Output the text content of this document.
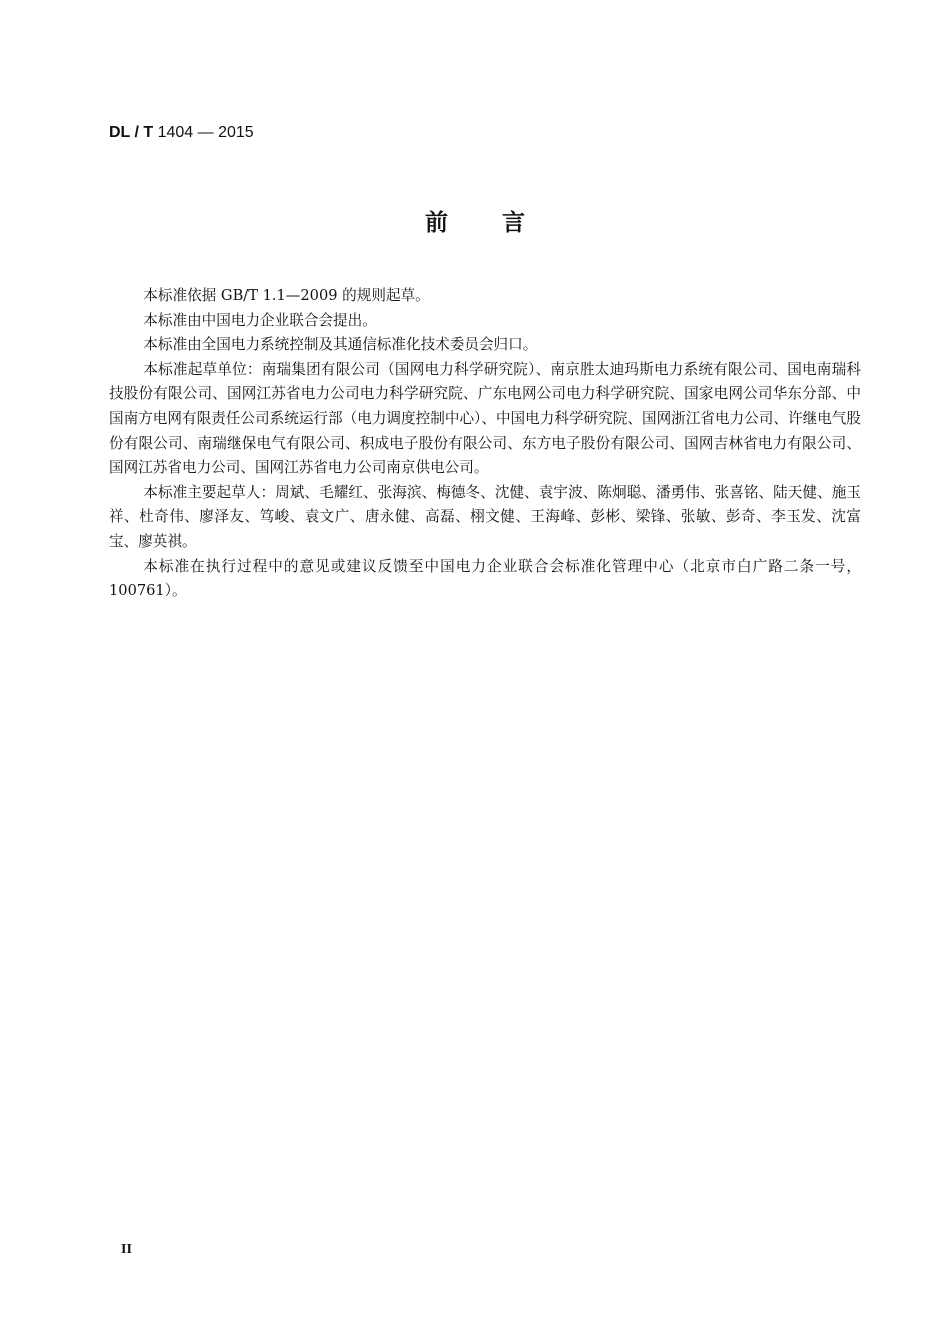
DL / T 1404 — 2015
前言

本标准依据 GB/T 1.1—2009 的规则起草。

本标准由中国电力企业联合会提出。

本标准由全国电力系统控制及其通信标准化技术委员会归口。

本标准起草单位：南瑞集团有限公司（国网电力科学研究院）、南京胜太迪玛斯电力系统有限公司、国电南瑞科技股份有限公司、国网江苏省电力公司电力科学研究院、广东电网公司电力科学研究院、国家电网公司华东分部、中国南方电网有限责任公司系统运行部（电力调度控制中心）、中国电力科学研究院、国网浙江省电力公司、许继电气股份有限公司、南瑞继保电气有限公司、积成电子股份有限公司、东方电子股份有限公司、国网吉林省电力有限公司、国网江苏省电力公司、国网江苏省电力公司南京供电公司。

本标准主要起草人：周斌、毛耀红、张海滨、梅德冬、沈健、袁宇波、陈炯聪、潘勇伟、张喜铭、陆天健、施玉祥、杜奇伟、廖泽友、笃峻、袁文广、唐永健、高磊、栩文健、王海峰、彭彬、梁锋、张敏、彭奇、李玉发、沈富宝、廖英祺。

本标准在执行过程中的意见或建议反馈至中国电力企业联合会标准化管理中心（北京市白广路二条一号，100761）。

II
